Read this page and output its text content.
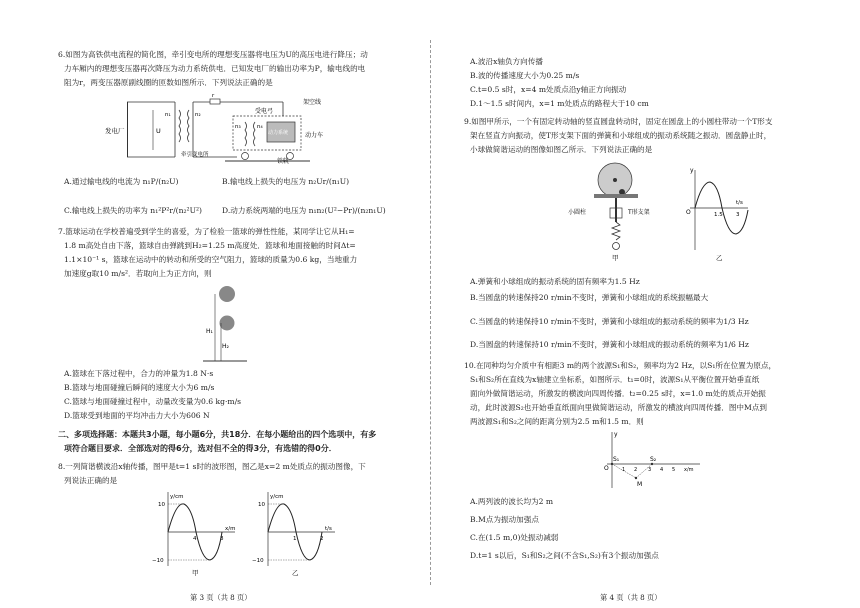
6.如图为高铁供电流程的简化图，牵引变电所的理想变压器将电压为U的高压电进行降压；动
力车厢内的理想变压器再次降压为动力系统供电．已知发电厂的输出功率为P，输电线的电
阻为r，两变压器原副线圈的匝数如图所示．下列说法正确的是
发电厂	U
n₁	n₂
r
n₃	n₄
牵引变电所
受电弓
架空线
动力系统	动力车
铁轨
A.通过输电线的电流为 n₁P/(n₂U)	B.输电线上损失的电压为 n₂Ur/(n₁U)
C.输电线上损失的功率为 n₁²P²r/(n₂²U²)	D.动力系统两端的电压为 n₁n₂(U²−Pr)/(n₂n₁U)
7.篮球运动在学校普遍受到学生的喜爱，为了检验一篮球的弹性性能，某同学让它从H₁=
1.8 m高处自由下落，篮球自由弹跳到H₂=1.25 m高度处．篮球和地面接触的时间Δt=
1.1×10⁻¹ s，篮球在运动中的转动和所受的空气阻力，篮球的质量为0.6 kg，当地重力
加速度g取10 m/s²．若取向上为正方向，则
H₁
H₂
A.篮球在下落过程中，合力的冲量为1.8 N·s
B.篮球与地面碰撞后瞬间的速度大小为6 m/s
C.篮球与地面碰撞过程中，动量改变量为0.6 kg·m/s
D.篮球受到地面的平均冲击力大小为606 N
二、多项选择题：本题共3小题，每小题6分，共18分．在每小题给出的四个选项中，有多
项符合题目要求．全部选对的得6分，选对但不全的得3分，有选错的得0分．
8.一列简谐横波沿x轴传播，图甲是t=1 s时的波形图，图乙是x=2 m处质点的振动图像，下
列说法正确的是
y/cm
10
−10
4	8
x/m
甲
y/cm
10
−10
1	2
t/s
乙
第 3 页（共 8 页）
A.波沿x轴负方向传播
B.波的传播速度大小为0.25 m/s
C.t=0.5 s时，x=4 m处质点沿y轴正方向振动
D.1～1.5 s时间内，x=1 m处质点的路程大于10 cm
9.如图甲所示，一个有固定转动轴的竖直圆盘转动时，固定在圆盘上的小圆柱带动一个T形支
架在竖直方向振动，使T形支架下面的弹簧和小球组成的振动系统随之振动．圆盘静止时，
小球做简谐运动的图像如图乙所示．下列说法正确的是
小圆柱	T形支架
甲
y
O	1.5 3
t/s
乙
A.弹簧和小球组成的振动系统的固有频率为1.5 Hz
B.当圆盘的转速保持20 r/min不变时，弹簧和小球组成的系统振幅最大
C.当圆盘的转速保持10 r/min不变时，弹簧和小球组成的振动系统的频率为1/3 Hz
D.当圆盘的转速保持10 r/min不变时，弹簧和小球组成的振动系统的频率为1/6 Hz
10.在同种均匀介质中有相距3 m的两个波源S₁和S₂，频率均为2 Hz，以S₁所在位置为原点，
S₁和S₂所在直线为x轴建立坐标系，如图所示．t₁=0时，波源S₁从平衡位置开始垂直纸
面向外做简谐运动，所激发的横波向四周传播．t₂=0.25 s时，x=1.0 m处的质点开始振
动，此时波源S₂也开始垂直纸面向里做简谐运动，所激发的横波向四周传播．图中M点到
两波源S₁和S₂之间的距离分别为2.5 m和1.5 m．则
y
O
S₁	S₂
M
1 2 3 4 5 x/m
A.两列波的波长均为2 m
B.M点为振动加强点
C.在(1.5 m,0)处振动减弱
D.t=1 s以后，S₁和S₂之间(不含S₁,S₂)有3个振动加强点
第 4 页（共 8 页）
